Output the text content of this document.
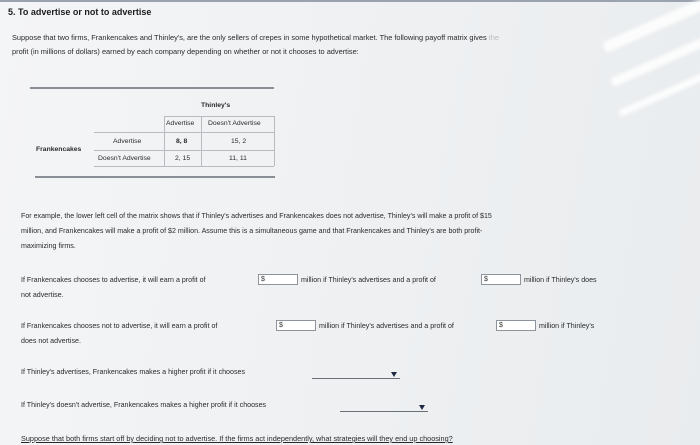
5. To advertise or not to advertise
Suppose that two firms, Frankencakes and Thinley's, are the only sellers of crepes in some hypothetical market. The following payoff matrix gives the
profit (in millions of dollars) earned by each company depending on whether or not it chooses to advertise:
Thinley's
Advertise Doesn't Advertise
Frankencakes
Advertise	8, 8	15, 2
Doesn't Advertise	2, 15	11, 11
For example, the lower left cell of the matrix shows that if Thinley's advertises and Frankencakes does not advertise, Thinley's will make a profit of $15
million, and Frankencakes will make a profit of $2 million. Assume this is a simultaneous game and that Frankencakes and Thinley's are both profit-
maximizing firms.
If Frankencakes chooses to advertise, it will earn a profit of	$	million if Thinley's advertises and a profit of	$	million if Thinley's does
not advertise.
If Frankencakes chooses not to advertise, it will earn a profit of	$	million if Thinley's advertises and a profit of	$	million if Thinley's
does not advertise.
If Thinley's advertises, Frankencakes makes a higher profit if it chooses
If Thinley's doesn't advertise, Frankencakes makes a higher profit if it chooses
Suppose that both firms start off by deciding not to advertise. If the firms act independently, what strategies will they end up choosing?
